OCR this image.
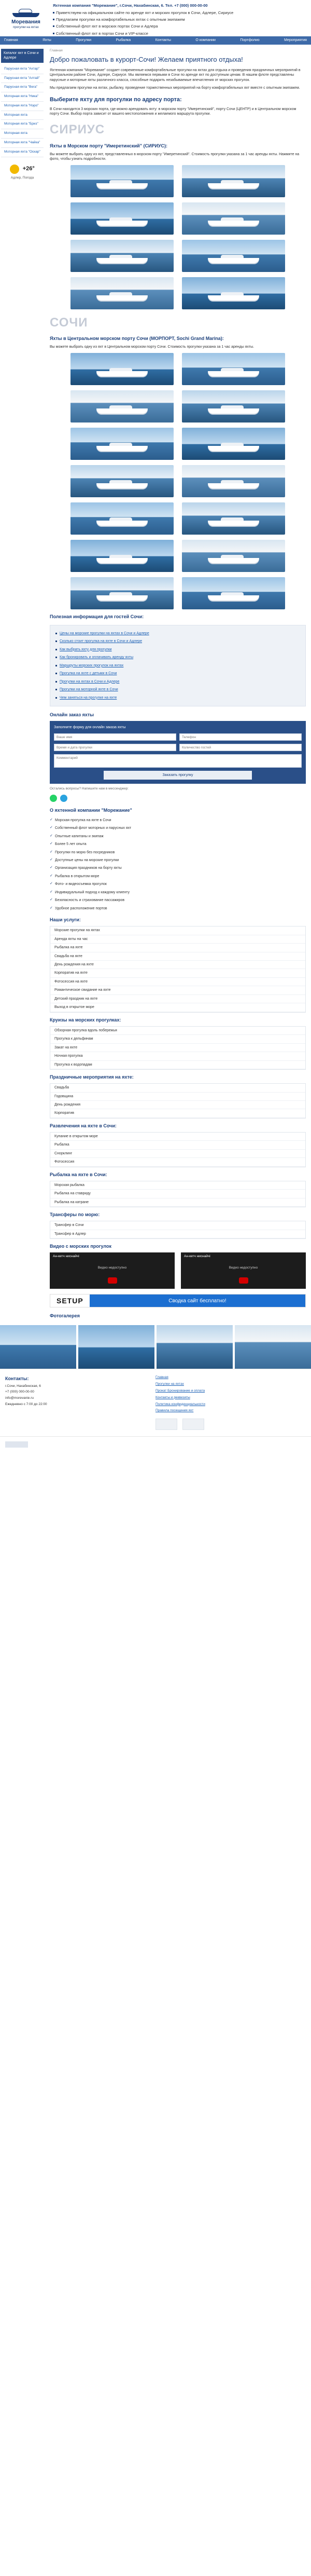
Моревания
прогулки на яхтах
Яхтенная компания "Морежание", г.Сочи, Нахабинская, 6. Тел. +7 (000) 000-00-00
Приветствуем на официальном сайте по аренде яхт и морских прогулок в Сочи, Адлере, Сириусе
Предлагаем прогулки на комфортабельных яхтах с опытным экипажем
Собственный флот яхт в морских портах Сочи и Адлера
Собственный флот яхт в портах Сочи и VIP-классе
Главная	Яхты	Прогулки	Рыбалка	Контакты	О компании	Портфолио	Мероприятия
Каталог яхт в Сочи и Адлере
Парусная яхта "Ахтар"
Парусная яхта "Алтай"
Парусная яхта "Вега"
Моторная яхта "Ника"
Моторная яхта "Нэро"
Моторная яхта
Моторная яхта "Бриз"
Моторная яхта
Моторная яхта "Чайка"
Моторная яхта "Оскар"
+26°
Адлер, Погода
Главная
Добро пожаловать в курорт-Сочи! Желаем приятного отдыха!

Яхтенная компания "Моревание" создает современные комфортабельные прогулки на яхтах для отдыха и проведения праздничных мероприятий в Центральном районе Сочи, Адлере, Сириусе. Мы являемся первыми в Сочи по аренде яхт по доступным ценам. В нашем флоте представлены парусные и моторные яхты различного класса, способные подарить незабываемые впечатления от морских прогулок.

Мы предлагаем прогулки на яхтах, рыбалку, проведение торжественных мероприятий на борту комфортабельных яхт вместе с опытным экипажем.

Выберите яхту для прогулки по адресу порта:

В Сочи находится 3 морских порта, где можно арендовать яхту: в морском порту "Имеретинский", порту Сочи (ЦЕНТР) и в Центральном морском порту Сочи. Выбор порта зависит от вашего местоположения и желаемого маршрута прогулки.

СИРИУС
Яхты в Морском порту "Имеретинский" (СИРИУС):

Вы можете выбрать одну из яхт, представленных в морском порту "Имеретинский". Стоимость прогулки указана за 1 час аренды яхты. Нажмите на фото, чтобы узнать подробности.

СОЧИ
Яхты в Центральном морском порту Сочи (МОРПОРТ, Sochi Grand Marina):

Вы можете выбрать одну из яхт в Центральном морском порту Сочи. Стоимость прогулки указана за 1 час аренды яхты.

Полезная информация для гостей Сочи:
Цены на морские прогулки на яхтах в Сочи и Адлере
Сколько стоит прогулка на яхте в Сочи и Адлере
Как выбрать яхту для прогулки
Как бронировать и оплачивать аренду яхты
Маршруты морских прогулок на яхтах
Прогулка на яхте с детьми в Сочи
Прогулки на яхтах в Сочи и Адлере
Прогулки на моторной яхте в Сочи
Чем заняться на прогулке на яхте
Онлайн заказ яхты

Заполните форму для онлайн заказа яхты

Ваше имя	Телефон
Время и дата прогулки	Количество гостей
Комментарий
Заказать прогулку
Остались вопросы? Напишите нам в мессенджер:
О яхтенной компании "Морежание"
✓ Морская прогулка на яхте в Сочи
✓ Собственный флот моторных и парусных яхт
✓ Опытные капитаны и экипаж
✓ Более 5 лет опыта
✓ Прогулки по морю без посредников
✓ Доступные цены на морские прогулки
✓ Организация праздников на борту яхты
✓ Рыбалка в открытом море
✓ Фото- и видеосъемка прогулок
✓ Индивидуальный подход к каждому клиенту
✓ Безопасность и страхование пассажиров
✓ Удобное расположение портов
Наши услуги:
Морские прогулки на яхтах
Аренда яхты на час
Рыбалка на яхте
Свадьба на яхте
День рождения на яхте
Корпоратив на яхте
Фотосессия на яхте
Романтическое свидание на яхте
Детский праздник на яхте
Выход в открытое море
Круизы на морских прогулках:
Обзорная прогулка вдоль побережья
Прогулка к дельфинам
Закат на яхте
Ночная прогулка
Прогулка к водопадам
Праздничные мероприятия на яхте:
Свадьба
Годовщина
День рождения
Корпоратив
Развлечения на яхте в Сочи:
Купание в открытом море
Рыбалка
Снорклинг
Фотосессия
Рыбалка на яхте в Сочи:
Морская рыбалка
Рыбалка на ставриду
Рыбалка на катране
Трансферы по морю:
Трансфер в Сочи
Трансфер в Адлер
Видео с морских прогулок
Ан-кетч ниснайчі
Видео недоступно
Ан-кетч ниснайчі
Видео недоступно
SETUP	Сводка сайт бесплатно!
Фотогалерея
Контакты:

г.Сочи, Нахабинская, 6

+7 (000) 000-00-00

info@morevanie.ru

Ежедневно с 7:00 до 22:00

Главная
Прогулки на яхтах
Прокат Бронирование и оплата
Контакты и реквизиты
Политика конфиденциальности
Правила посещения яхт
